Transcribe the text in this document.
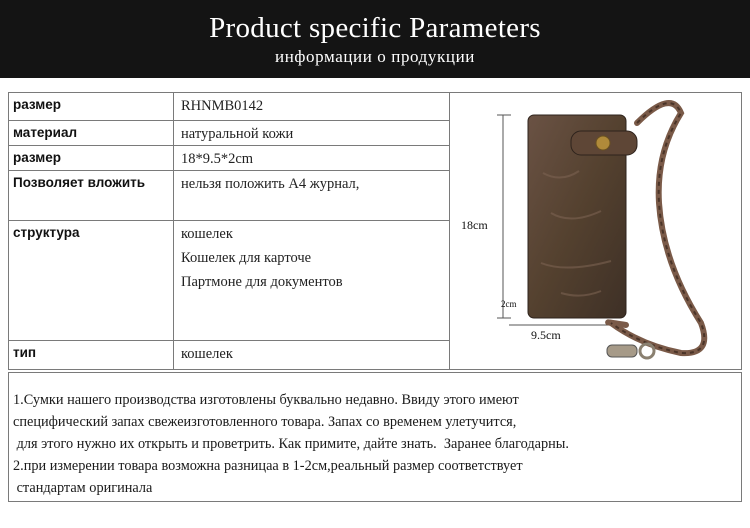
Product specific Parameters
информации о продукции
размер	RHNMB0142
материал	натуральной кожи
размер	18*9.5*2cm
Позволяет вложить	нельзя положить А4 журнал,
структура	кошелек
Кошелек для карточе
Партмоне для документов
тип	кошелек
18cm
2cm
9.5cm
1.Сумки нашего производства изготовлены буквально недавно. Ввиду этого имеют
специфический запах свежеизготовленного товара. Запах со временем улетучится,
для этого нужно их открыть и проветрить. Как примите, дайте знать.  Заранее благодарны.
2.при измерении товара возможна разницаа в 1-2см,реальный размер соответствует
стандартам оригинала
